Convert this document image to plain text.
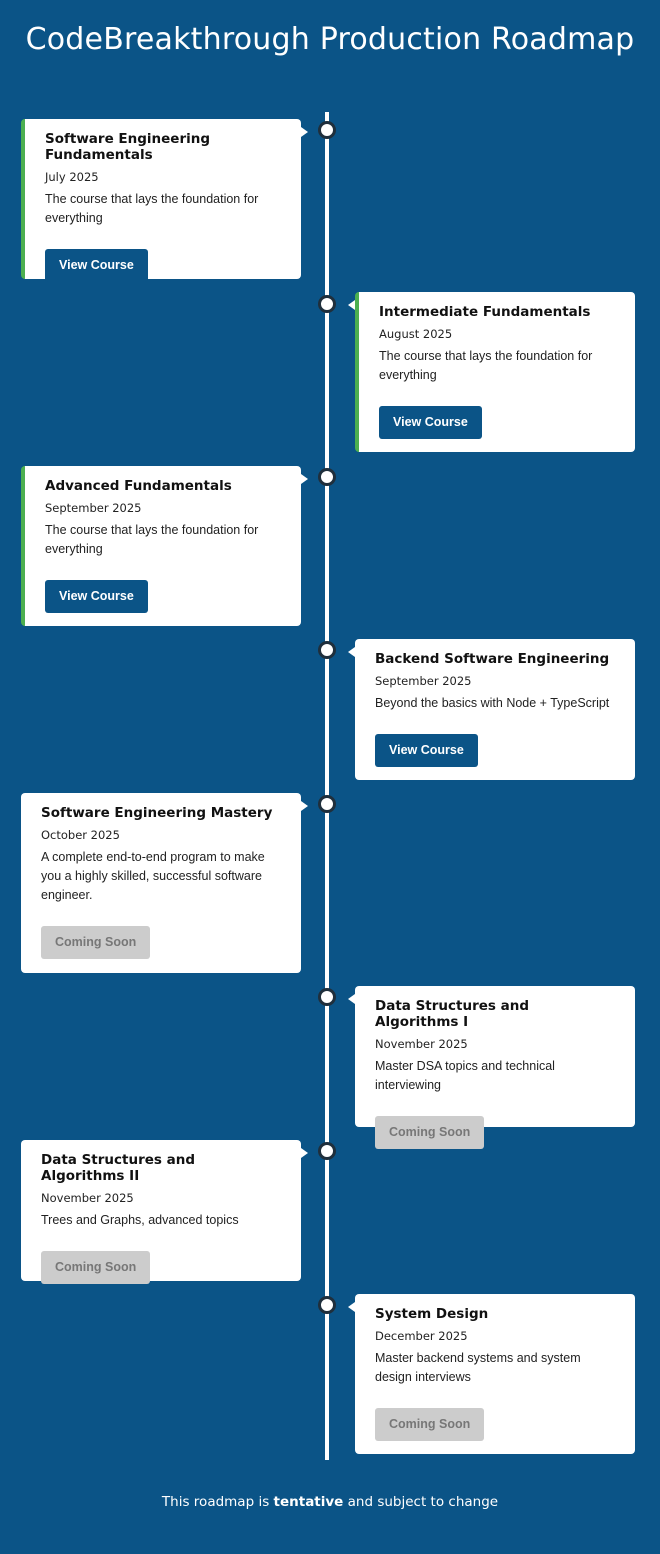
CodeBreakthrough Production Roadmap
Software Engineering Fundamentals
July 2025
The course that lays the foundation for everything
View Course
Intermediate Fundamentals
August 2025
The course that lays the foundation for everything
View Course
Advanced Fundamentals
September 2025
The course that lays the foundation for everything
View Course
Backend Software Engineering
September 2025
Beyond the basics with Node + TypeScript
View Course
Software Engineering Mastery
October 2025
A complete end-to-end program to make you a highly skilled, successful software engineer.
Coming Soon
Data Structures and Algorithms I
November 2025
Master DSA topics and technical interviewing
Coming Soon
Data Structures and Algorithms II
November 2025
Trees and Graphs, advanced topics
Coming Soon
System Design
December 2025
Master backend systems and system design interviews
Coming Soon

This roadmap is tentative and subject to change
